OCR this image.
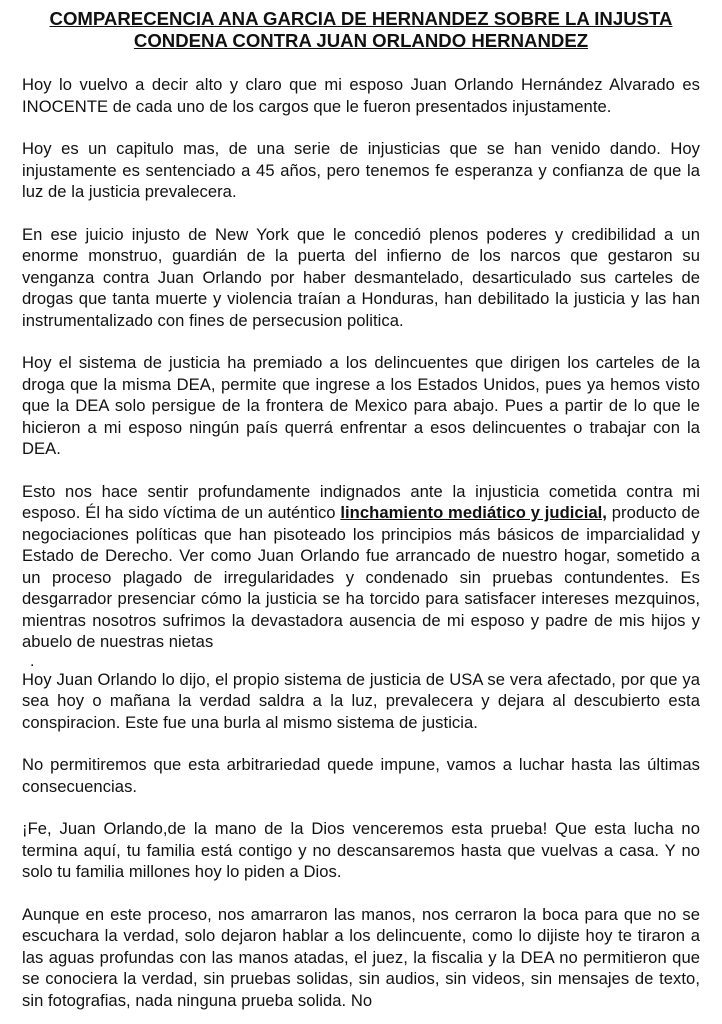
COMPARECENCIA ANA GARCIA DE HERNANDEZ SOBRE LA INJUSTA
CONDENA CONTRA JUAN ORLANDO HERNANDEZ

Hoy lo vuelvo a decir alto y claro que mi esposo Juan Orlando Hernández Alvarado es INOCENTE de cada uno de los cargos que le fueron presentados injustamente.

Hoy es un capitulo mas, de una serie de injusticias que se han venido dando. Hoy injustamente es sentenciado a 45 años, pero tenemos fe esperanza y confianza de que la luz de la justicia prevalecera.

En ese juicio injusto de New York que le concedió plenos poderes y credibilidad a un enorme monstruo, guardián de la puerta del infierno de los narcos que gestaron su venganza contra Juan Orlando por haber desmantelado, desarticulado sus carteles de drogas que tanta muerte y violencia traían a Honduras, han debilitado la justicia y las han instrumentalizado con fines de persecusion politica.

Hoy el sistema de justicia ha premiado a los delincuentes que dirigen los carteles de la droga que la misma DEA, permite que ingrese a los Estados Unidos, pues ya hemos visto que la DEA solo persigue de la frontera de Mexico para abajo. Pues a partir de lo que le hicieron a mi esposo ningún país querrá enfrentar a esos delincuentes o trabajar con la DEA.

Esto nos hace sentir profundamente indignados ante la injusticia cometida contra mi esposo. Él ha sido víctima de un auténtico linchamiento mediático y judicial, producto de negociaciones políticas que han pisoteado los principios más básicos de imparcialidad y Estado de Derecho. Ver como Juan Orlando fue arrancado de nuestro hogar, sometido a un proceso plagado de irregularidades y condenado sin pruebas contundentes. Es desgarrador presenciar cómo la justicia se ha torcido para satisfacer intereses mezquinos, mientras nosotros sufrimos la devastadora ausencia de mi esposo y padre de mis hijos y abuelo de nuestras nietas

.

Hoy Juan Orlando lo dijo, el propio sistema de justicia de USA se vera afectado, por que ya sea hoy o mañana la verdad saldra a la luz, prevalecera y dejara al descubierto esta conspiracion. Este fue una burla al mismo sistema de justicia.

No permitiremos que esta arbitrariedad quede impune, vamos a luchar hasta las últimas consecuencias.

¡Fe, Juan Orlando,de la mano de la Dios venceremos esta prueba! Que esta lucha no termina aquí, tu familia está contigo y no descansaremos hasta que vuelvas a casa. Y no solo tu familia millones hoy lo piden a Dios.

Aunque en este proceso, nos amarraron las manos, nos cerraron la boca para que no se escuchara la verdad, solo dejaron hablar a los delincuente, como lo dijiste hoy te tiraron a las aguas profundas con las manos atadas, el juez, la fiscalia y la DEA no permitieron que se conociera la verdad, sin pruebas solidas, sin audios, sin videos, sin mensajes de texto, sin fotografias, nada ninguna prueba solida. No
